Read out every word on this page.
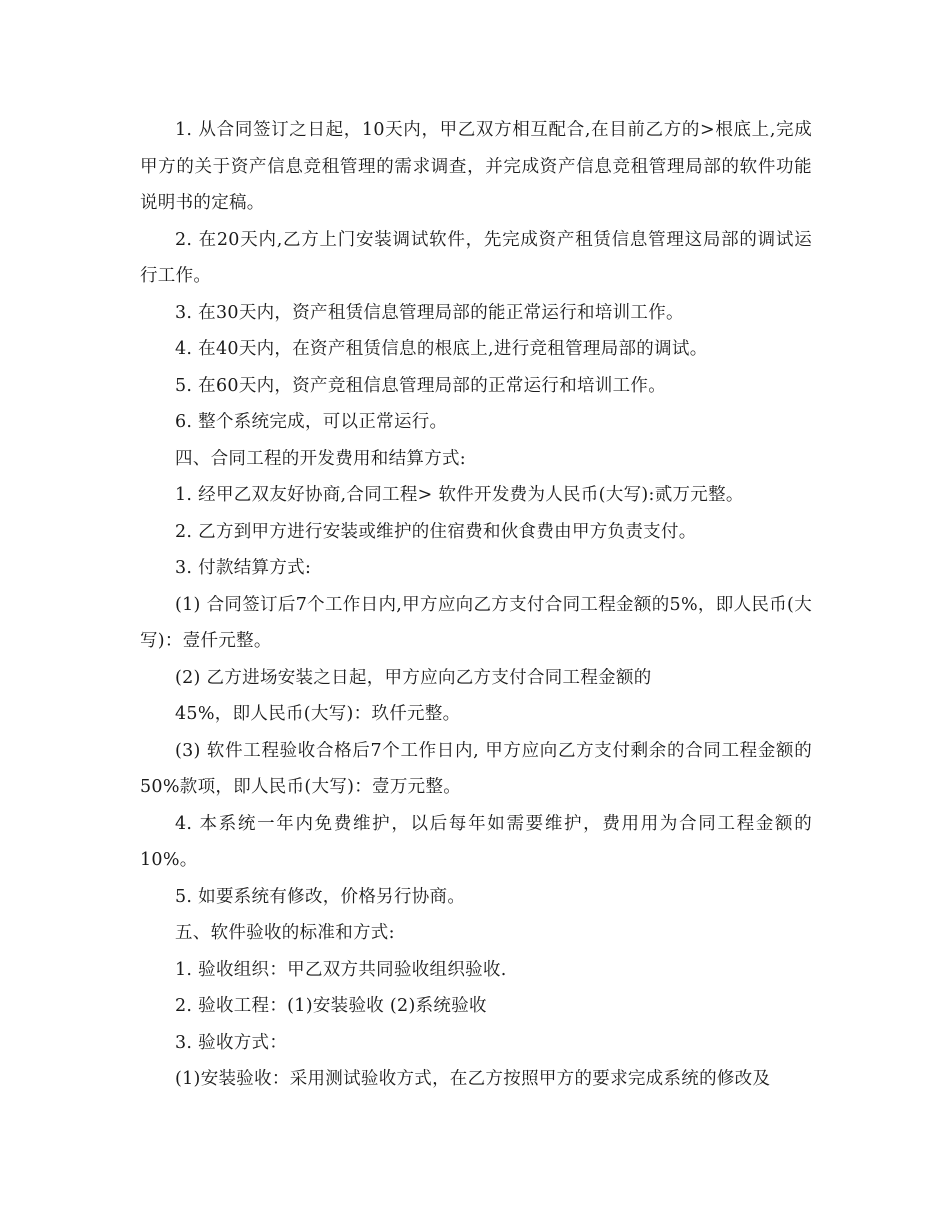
1. 从合同签订之日起，10天内，甲乙双方相互配合,在目前乙方的>根底上,完成甲方的关于资产信息竞租管理的需求调查，并完成资产信息竞租管理局部的软件功能说明书的定稿。

2. 在20天内,乙方上门安装调试软件，先完成资产租赁信息管理这局部的调试运行工作。

3. 在30天内，资产租赁信息管理局部的能正常运行和培训工作。

4. 在40天内，在资产租赁信息的根底上,进行竞租管理局部的调试。

5. 在60天内，资产竞租信息管理局部的正常运行和培训工作。

6. 整个系统完成，可以正常运行。

四、合同工程的开发费用和结算方式:

1. 经甲乙双友好协商,合同工程> 软件开发费为人民币(大写):贰万元整。

2. 乙方到甲方进行安装或维护的住宿费和伙食费由甲方负责支付。

3. 付款结算方式:

(1) 合同签订后7个工作日内,甲方应向乙方支付合同工程金额的5%，即人民币(大写)：壹仟元整。

(2) 乙方进场安装之日起，甲方应向乙方支付合同工程金额的

45%，即人民币(大写)：玖仟元整。

(3) 软件工程验收合格后7个工作日内, 甲方应向乙方支付剩余的合同工程金额的50%款项，即人民币(大写)：壹万元整。

4. 本系统一年内免费维护，以后每年如需要维护，费用用为合同工程金额的10%。

5. 如要系统有修改，价格另行协商。

五、软件验收的标准和方式:

1. 验收组织：甲乙双方共同验收组织验收.

2. 验收工程：(1)安装验收 (2)系统验收

3. 验收方式：

(1)安装验收：采用测试验收方式，在乙方按照甲方的要求完成系统的修改及
